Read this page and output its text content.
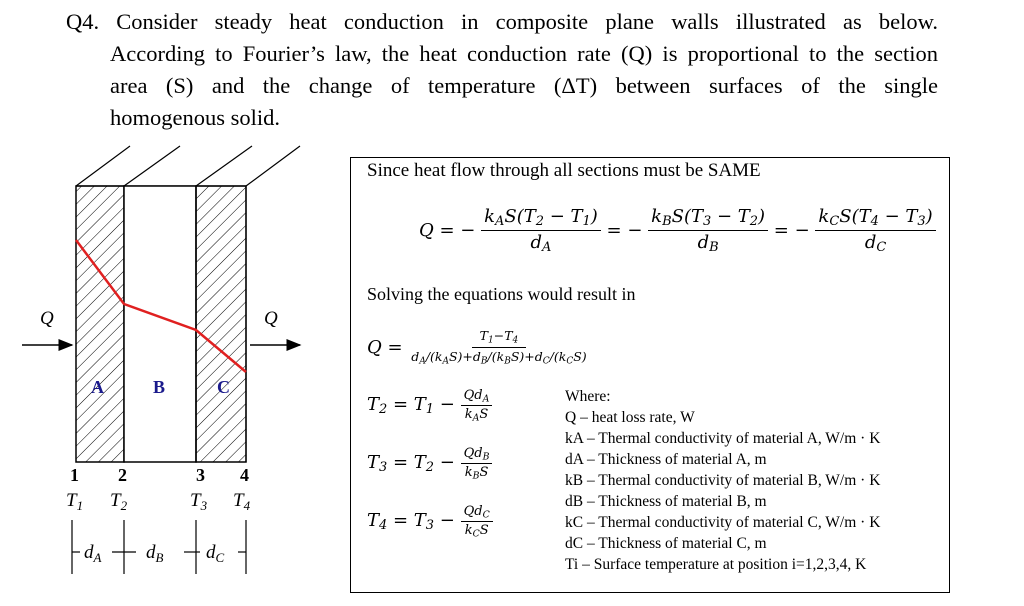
Q4. Consider steady heat conduction in composite plane walls illustrated as below.
According to Fourier’s law, the heat conduction rate (Q) is proportional to the section
area (S) and the change of temperature (ΔT) between surfaces of the single
homogenous solid.
Q	Q
A	B	C
1 2	3 4
$T_1$ $T_2$	$T_3$ $T_4$
$d_A$ $d_B$ $d_C$
Since heat flow through all sections must be SAME
Q = − $\frac{k_AS(T_2 - T_1)}{d_A}$ = − $\frac{k_BS(T_3 - T_2)}{d_B}$ = − $\frac{k_CS(T_4 - T_3)}{d_C}$
Solving the equations would result in
$Q = \frac{T_1-T_4}{d_A/(k_AS)+d_B/(k_BS)+d_C/(k_CS)}$
$T_2 = T_1 - \frac{Qd_A}{k_AS}$
$T_3 = T_2 - \frac{Qd_B}{k_BS}$
$T_4 = T_3 - \frac{Qd_C}{k_CS}$
Where:
Q – heat loss rate, W
kA – Thermal conductivity of material A, W/m · K
dA – Thickness of material A, m
kB – Thermal conductivity of material B, W/m · K
dB – Thickness of material B, m
kC – Thermal conductivity of material C, W/m · K
dC – Thickness of material C, m
Ti – Surface temperature at position i=1,2,3,4, K
